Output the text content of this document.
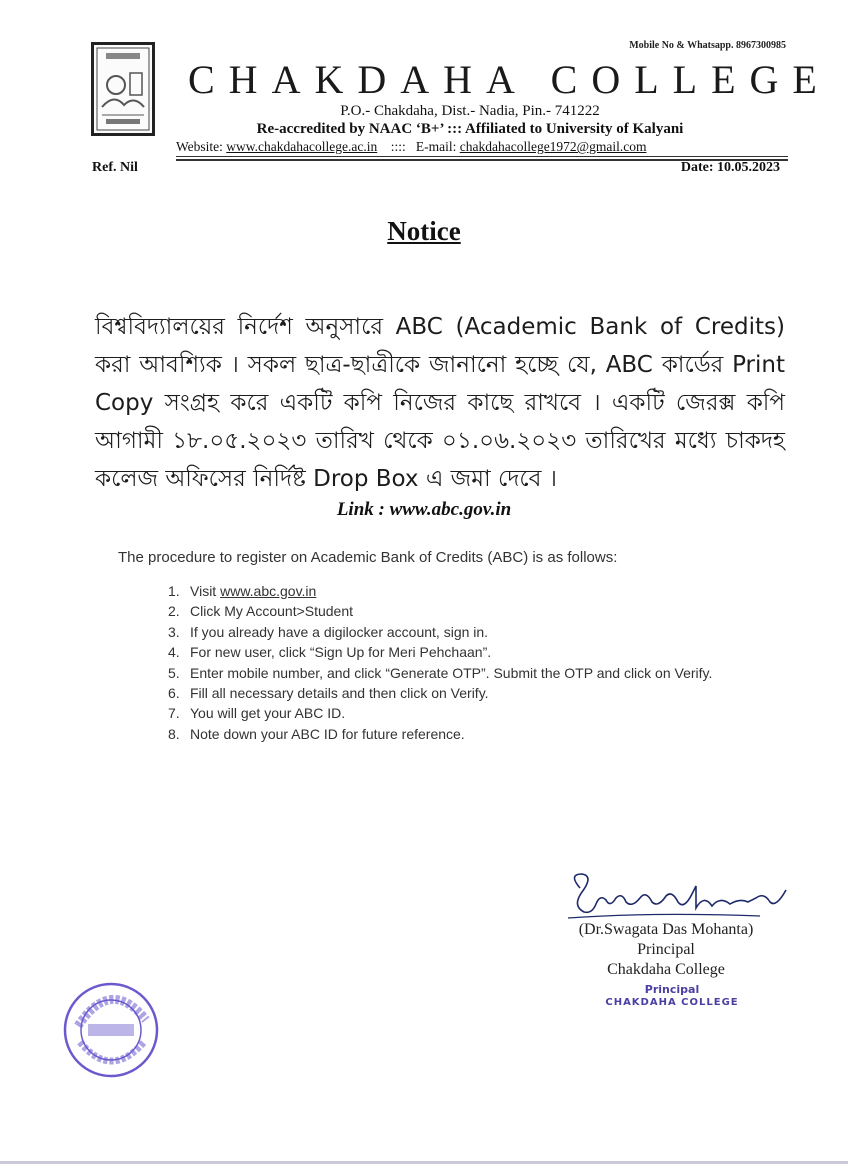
Mobile No & Whatsapp. 8967300985
CHAKDAHA COLLEGE
P.O.- Chakdaha, Dist.- Nadia, Pin.- 741222
Re-accredited by NAAC ‘B+’ ::: Affiliated to University of Kalyani
Website: www.chakdahacollege.ac.in :::: E-mail: chakdahacollege1972@gmail.com
Ref. Nil	Date: 10.05.2023
Notice
বিশ্ববিদ্যালয়ের নির্দেশ অনুসারে ABC (Academic Bank of Credits) করা আবশ্যিক । সকল ছাত্র-ছাত্রীকে জানানো হচ্ছে যে, ABC কার্ডের Print Copy সংগ্রহ করে একটি কপি নিজের কাছে রাখবে । একটি জেরক্স কপি আগামী ১৮.০৫.২০২৩ তারিখ থেকে ০১.০৬.২০২৩ তারিখের মধ্যে চাকদহ কলেজ অফিসের নির্দিষ্ট Drop Box এ জমা দেবে ।
Link : www.abc.gov.in
The procedure to register on Academic Bank of Credits (ABC) is as follows:
1. Visit www.abc.gov.in
2. Click My Account>Student
3. If you already have a digilocker account, sign in.
4. For new user, click “Sign Up for Meri Pehchaan”.
5. Enter mobile number, and click “Generate OTP”. Submit the OTP and click on Verify.
6. Fill all necessary details and then click on Verify.
7. You will get your ABC ID.
8. Note down your ABC ID for future reference.
(Dr.Swagata Das Mohanta)
Principal
Chakdaha College
Principal
CHAKDAHA COLLEGE
